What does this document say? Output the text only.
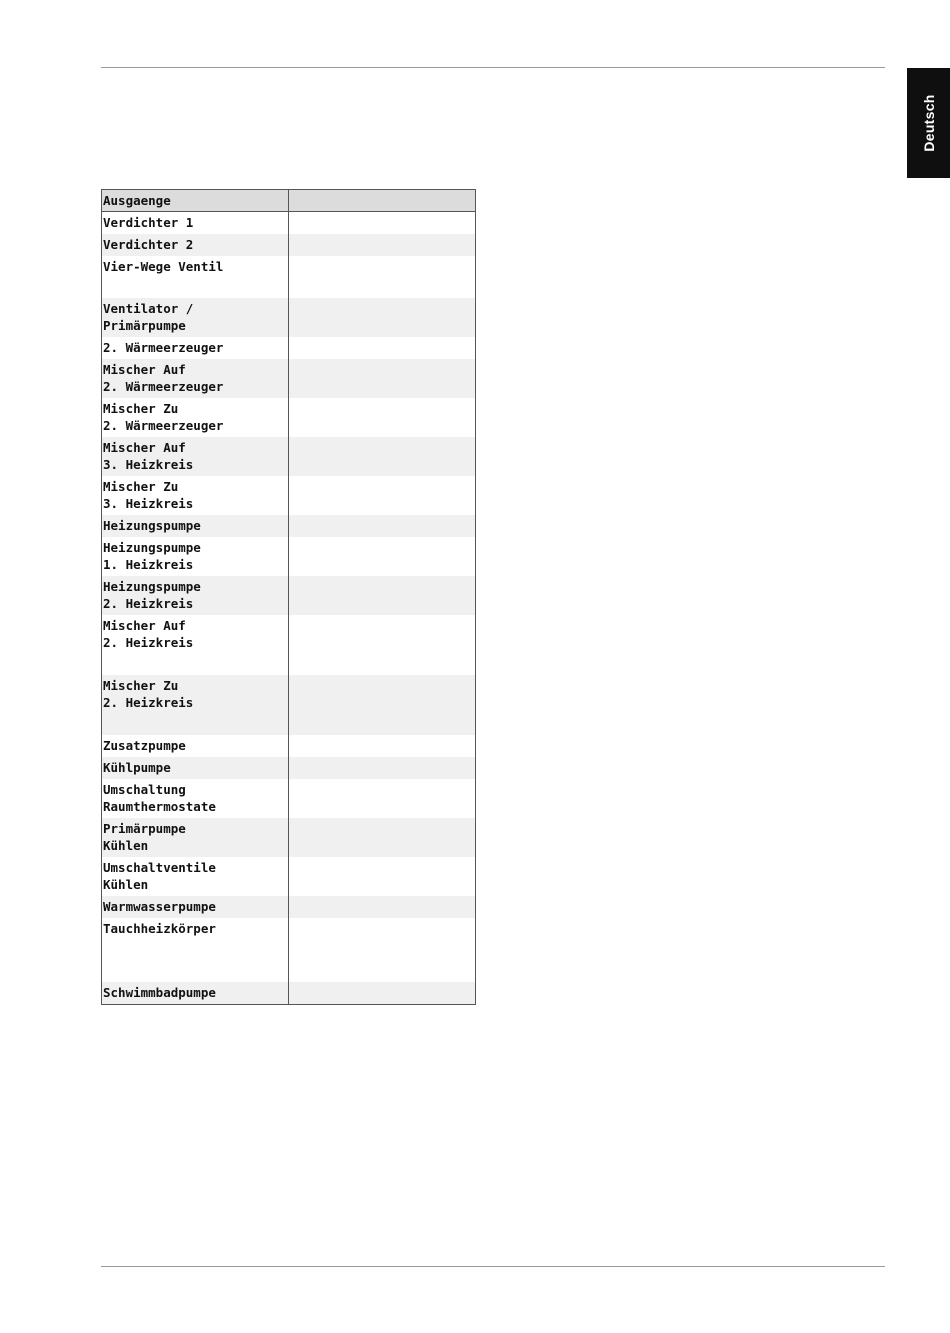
Deutsch
Ausgaenge	
Verdichter 1	
Verdichter 2	
Vier-Wege Ventil	
Ventilator /
Primärpumpe	
2. Wärmeerzeuger	
Mischer Auf
2. Wärmeerzeuger	
Mischer Zu
2. Wärmeerzeuger	
Mischer Auf
3. Heizkreis	
Mischer Zu
3. Heizkreis	
Heizungspumpe	
Heizungspumpe
1. Heizkreis	
Heizungspumpe
2. Heizkreis	
Mischer Auf
2. Heizkreis	
Mischer Zu
2. Heizkreis	
Zusatzpumpe	
Kühlpumpe	
Umschaltung
Raumthermostate	
Primärpumpe
Kühlen	
Umschaltventile
Kühlen	
Warmwasserpumpe	
Tauchheizkörper	
Schwimmbadpumpe	
